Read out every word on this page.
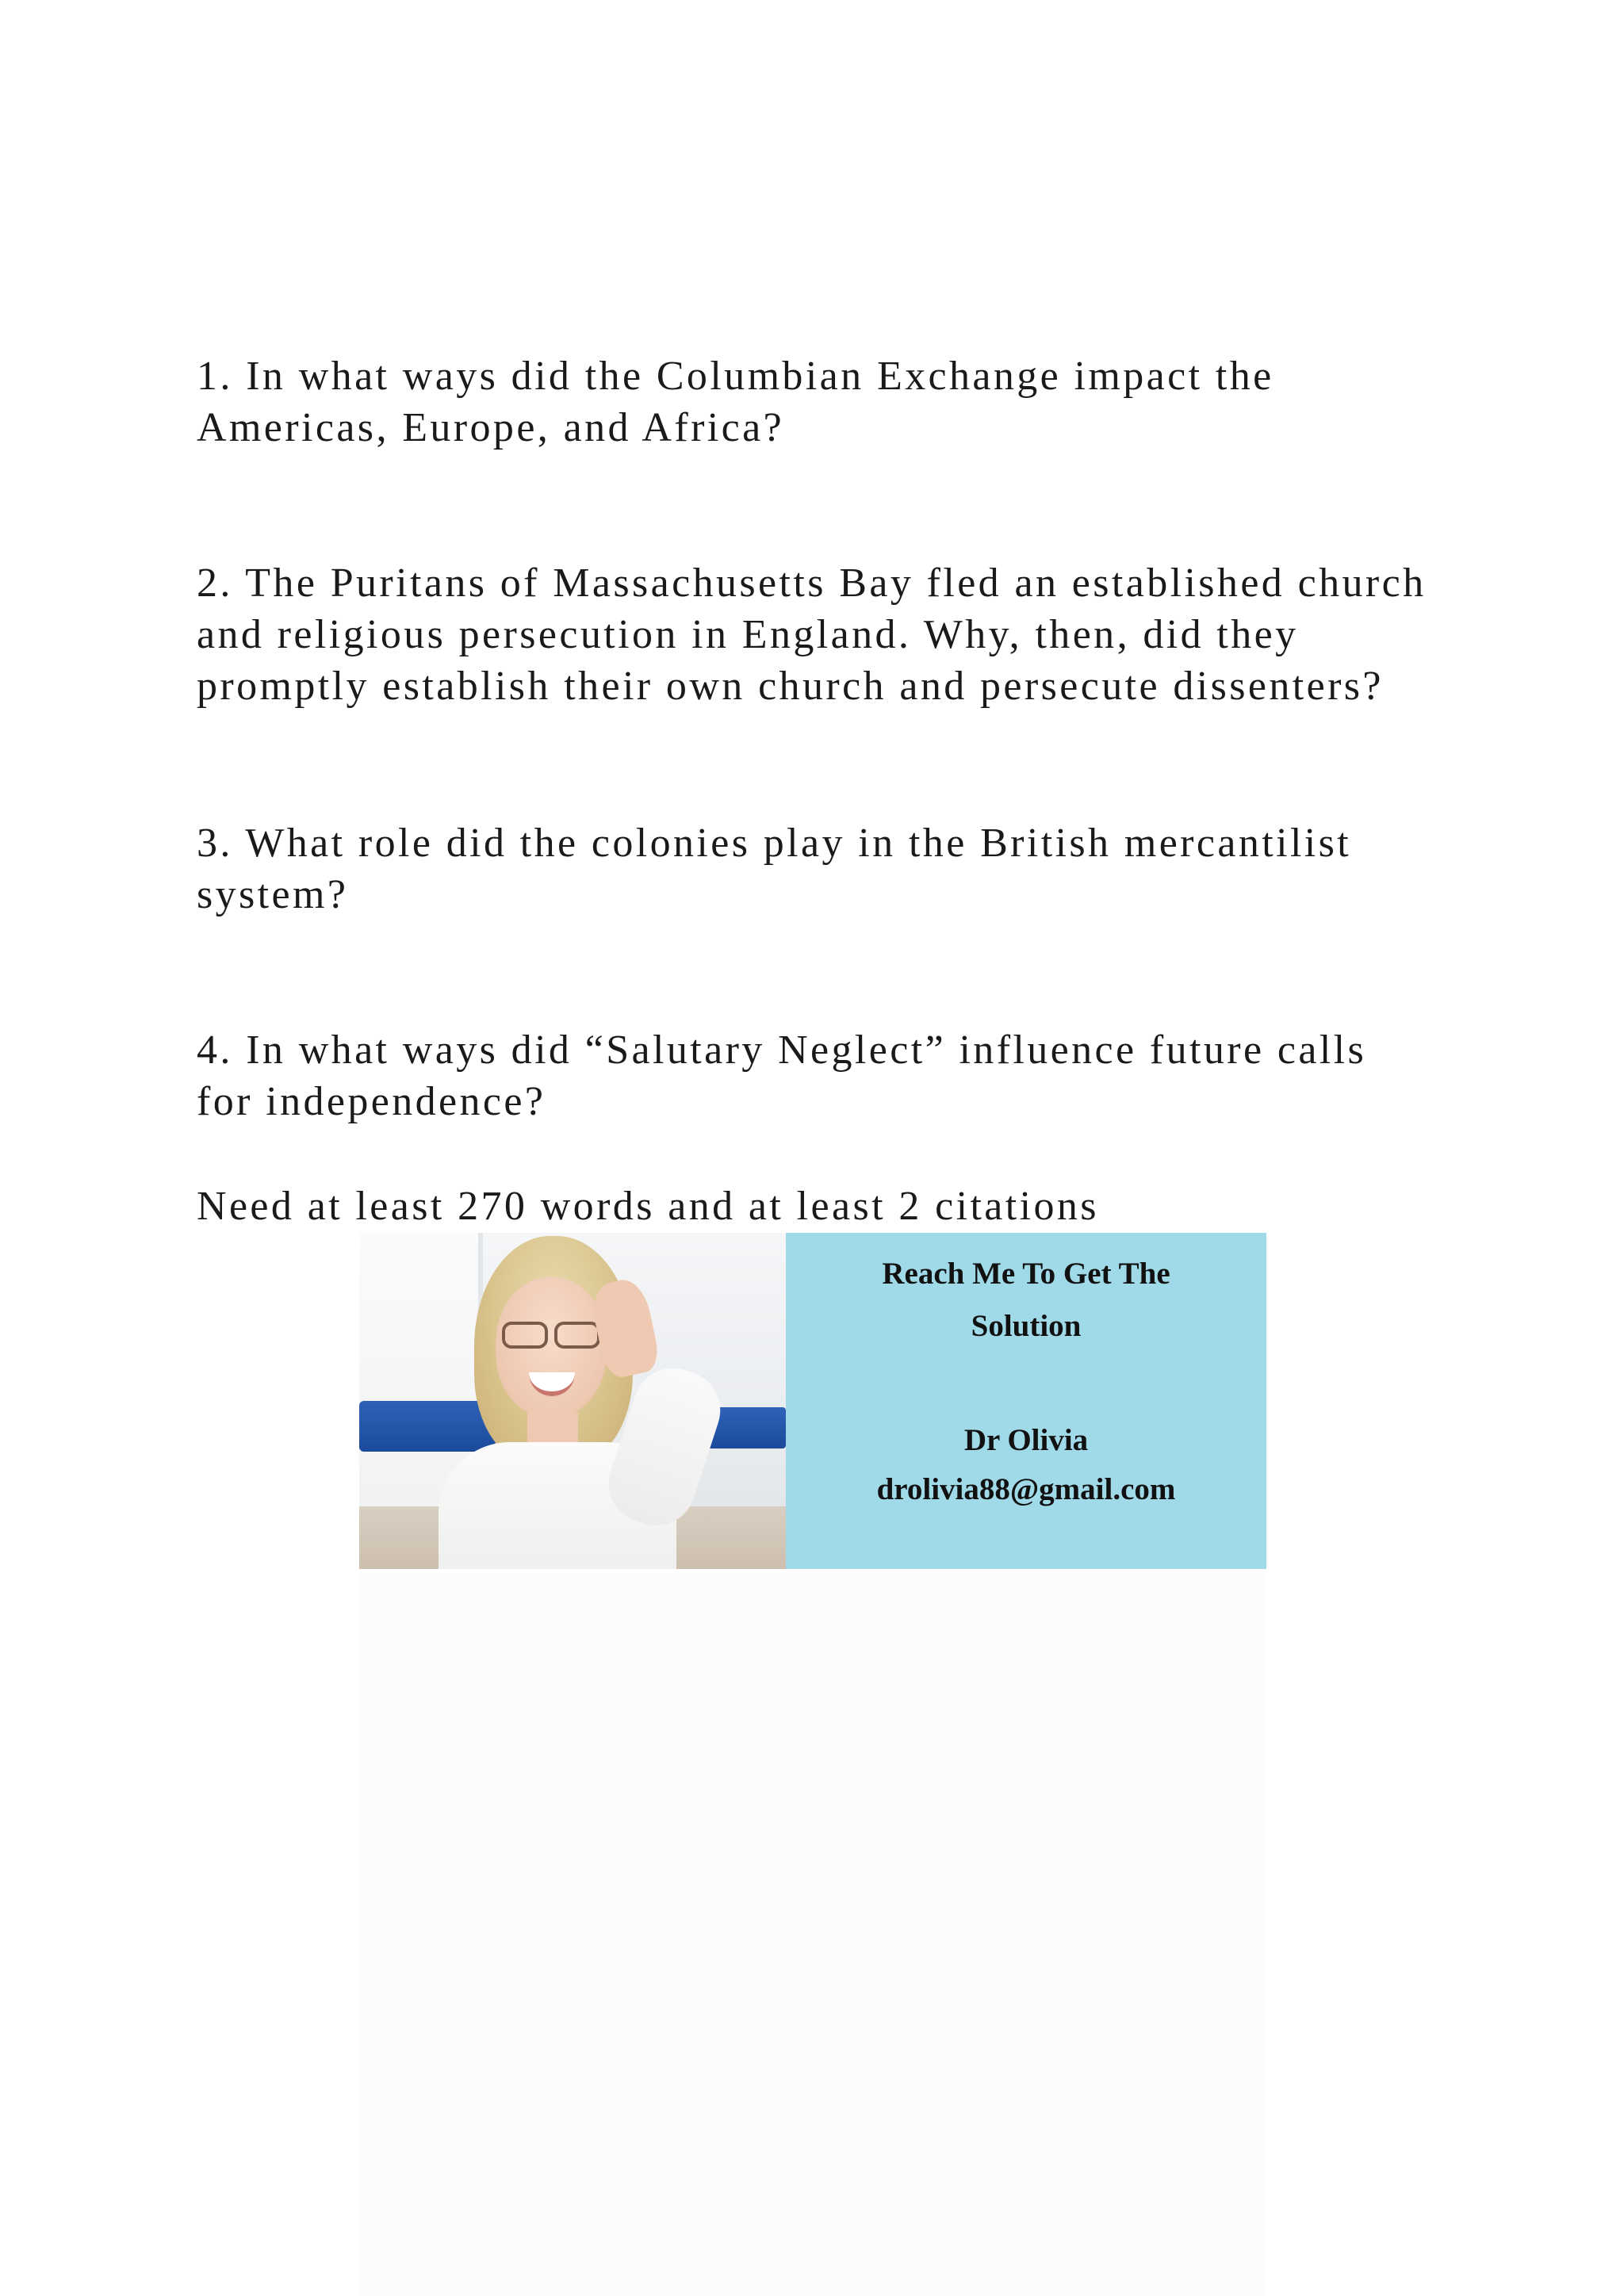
1. In what ways did the Columbian Exchange impact the
Americas, Europe, and Africa?

2. The Puritans of Massachusetts Bay fled an established church
and religious persecution in England. Why, then, did they
promptly establish their own church and persecute dissenters?

3. What role did the colonies play in the British mercantilist
system?

4. In what ways did “Salutary Neglect” influence future calls
for independence?

Need at least 270 words and at least 2 citations

Reach Me To Get The
Solution
Dr Olivia
drolivia88@gmail.com
